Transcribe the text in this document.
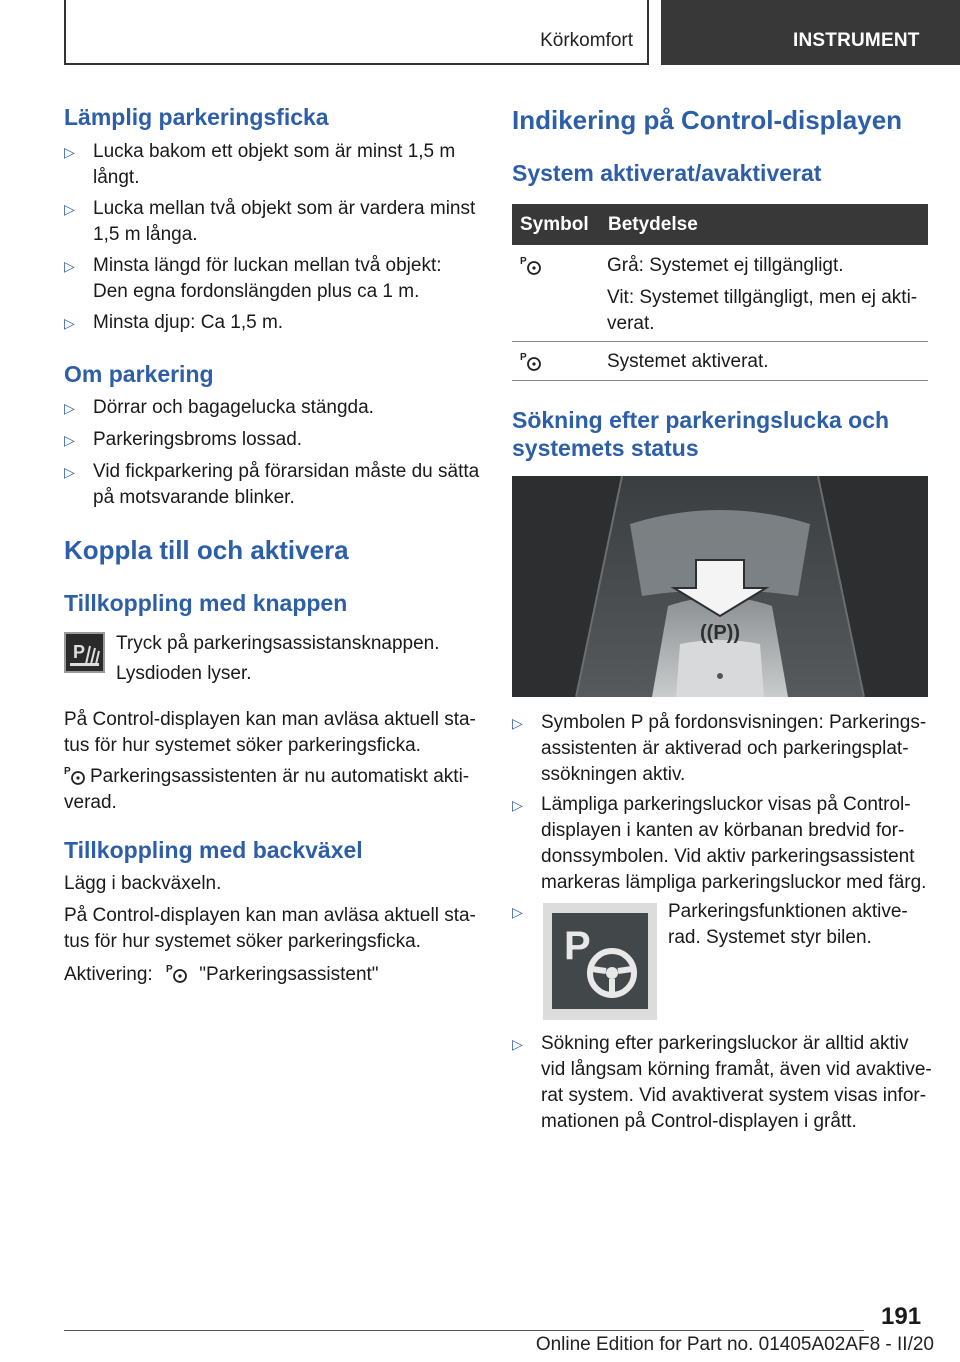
Körkomfort	INSTRUMENT
Lämplig parkeringsficka
▷ Lucka bakom ett objekt som är minst 1,5 m
långt.
▷ Lucka mellan två objekt som är vardera minst
1,5 m långa.
▷ Minsta längd för luckan mellan två objekt:
Den egna fordonslängden plus ca 1 m.
▷ Minsta djup: Ca 1,5 m.
Om parkering
▷ Dörrar och bagagelucka stängda.
▷ Parkeringsbroms lossad.
▷ Vid fickparkering på förarsidan måste du sätta
på motsvarande blinker.
Koppla till och aktivera
Tillkoppling med knappen
P Tryck på parkeringsassistansknappen.
Lysdioden lyser.
På Control-displayen kan man avläsa aktuell sta-
tus för hur systemet söker parkeringsficka.
P Parkeringsassistenten är nu automatiskt akti-
verad.
Tillkoppling med backväxel
Lägg i backväxeln.
På Control-displayen kan man avläsa aktuell sta-
tus för hur systemet söker parkeringsficka.
Aktivering: P "Parkeringsassistent"
Indikering på Control-displayen
System aktiverat/avaktiverat
Symbol Betydelse
P	Grå: Systemet ej tillgängligt.
Vit: Systemet tillgängligt, men ej akti-
verat.
P	Systemet aktiverat.
Sökning efter parkeringslucka och
systemets status
((P))
▷ Symbolen P på fordonsvisningen: Parkerings-
assistenten är aktiverad och parkeringsplat-
ssökningen aktiv.
▷ Lämpliga parkeringsluckor visas på Control-
displayen i kanten av körbanan bredvid for-
donssymbolen. Vid aktiv parkeringsassistent
markeras lämpliga parkeringsluckor med färg.
▷
P
Parkeringsfunktionen aktive-
rad. Systemet styr bilen.
▷ Sökning efter parkeringsluckor är alltid aktiv
vid långsam körning framåt, även vid avaktive-
rat system. Vid avaktiverat system visas infor-
mationen på Control-displayen i grått.
191
Online Edition for Part no. 01405A02AF8 - II/20
